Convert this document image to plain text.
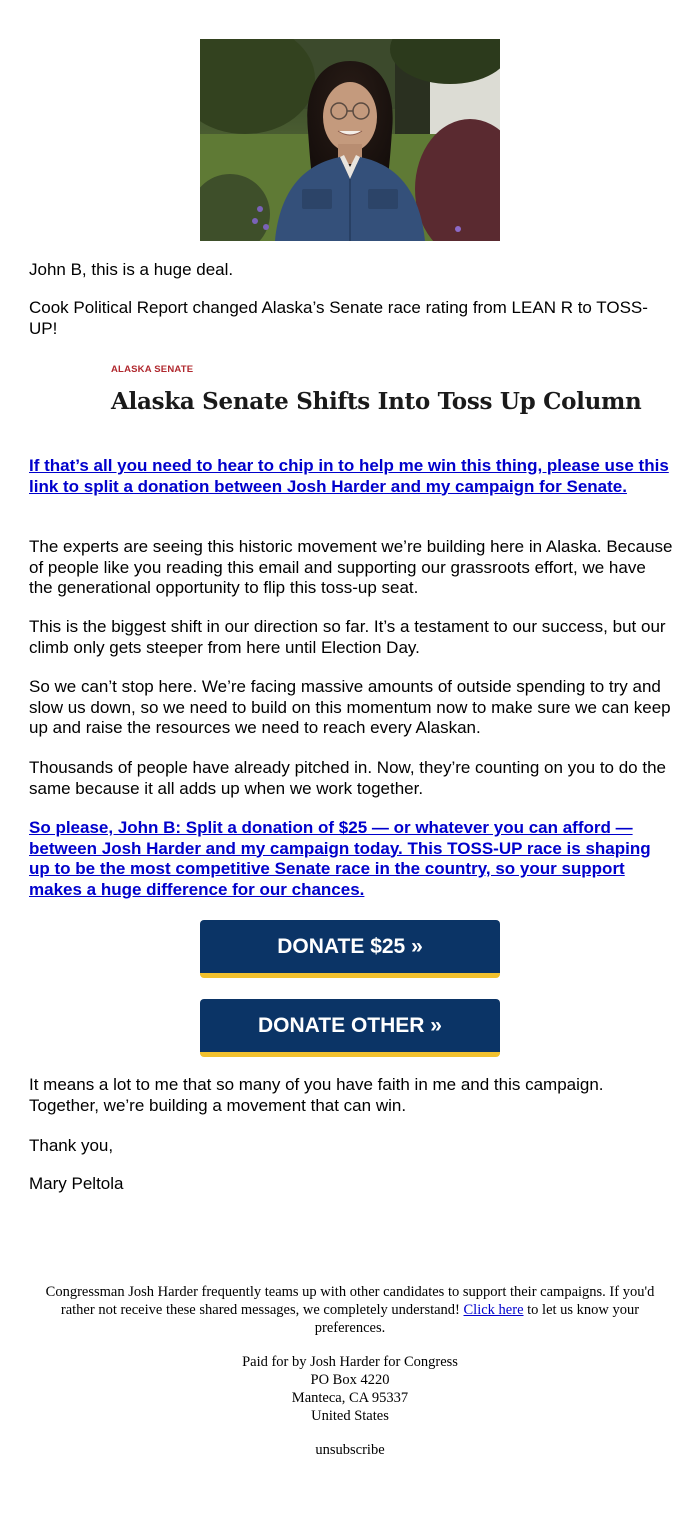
John B, this is a huge deal.

Cook Political Report changed Alaska’s Senate race rating from LEAN R to TOSS-UP!

ALASKA SENATE
Alaska Senate Shifts Into Toss Up Column

If that’s all you need to hear to chip in to help me win this thing, please use this link to split a donation between Josh Harder and my campaign for Senate.

The experts are seeing this historic movement we’re building here in Alaska. Because of people like you reading this email and supporting our grassroots effort, we have the generational opportunity to flip this toss-up seat.

This is the biggest shift in our direction so far. It’s a testament to our success, but our climb only gets steeper from here until Election Day.

So we can’t stop here. We’re facing massive amounts of outside spending to try and slow us down, so we need to build on this momentum now to make sure we can keep up and raise the resources we need to reach every Alaskan.

Thousands of people have already pitched in. Now, they’re counting on you to do the same because it all adds up when we work together.

So please, John B: Split a donation of $25 — or whatever you can afford — between Josh Harder and my campaign today. This TOSS-UP race is shaping up to be the most competitive Senate race in the country, so your support makes a huge difference for our chances.

DONATE $25 »
DONATE OTHER »

It means a lot to me that so many of you have faith in me and this campaign. Together, we’re building a movement that can win.

Thank you,

Mary Peltola

Congressman Josh Harder frequently teams up with other candidates to support their campaigns. If you'd rather not receive these shared messages, we completely understand! Click here to let us know your preferences.
Paid for by Josh Harder for Congress
PO Box 4220
Manteca, CA 95337
United States
unsubscribe
